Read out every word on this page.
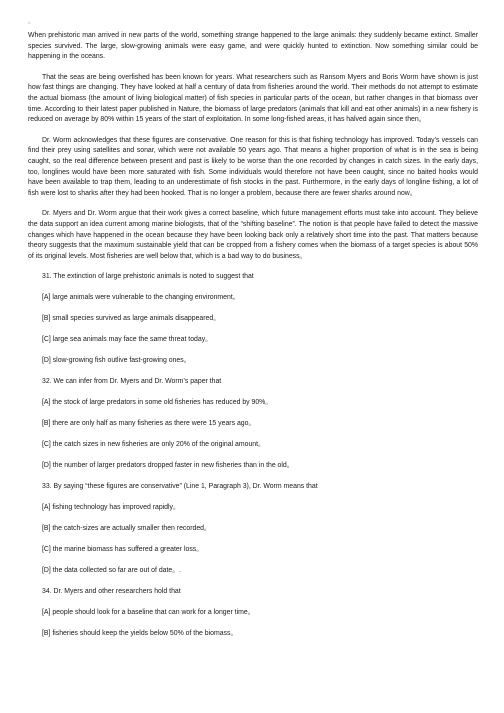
。

When prehistoric man arrived in new parts of the world, something strange happened to the large animals: they suddenly became extinct. Smaller species survived. The large, slow-growing animals were easy game, and were quickly hunted to extinction. Now something similar could be happening in the oceans.

That the seas are being overfished has been known for years. What researchers such as Ransom Myers and Boris Worm have shown is just how fast things are changing. They have looked at half a century of data from fisheries around the world. Their methods do not attempt to estimate the actual biomass (the amount of living biological matter) of fish species in particular parts of the ocean, but rather changes in that biomass over time. According to their latest paper published in Nature, the biomass of large predators (animals that kill and eat other animals) in a new fishery is reduced on average by 80% within 15 years of the start of exploitation. In some long-fished areas, it has halved again since then。

Dr. Worm acknowledges that these figures are conservative. One reason for this is that fishing technology has improved. Today’s vessels can find their prey using satellites and sonar, which were not available 50 years ago. That means a higher proportion of what is in the sea is being caught, so the real difference between present and past is likely to be worse than the one recorded by changes in catch sizes. In the early days, too, longlines would have been more saturated with fish. Some individuals would therefore not have been caught, since no baited hooks would have been available to trap them, leading to an underestimate of fish stocks in the past. Furthermore, in the early days of longline fishing, a lot of fish were lost to sharks after they had been hooked. That is no longer a problem, because there are fewer sharks around now。

Dr. Myers and Dr. Worm argue that their work gives a correct baseline, which future management efforts must take into account. They believe the data support an idea current among marine biologists, that of the “shifting baseline”. The notion is that people have failed to detect the massive changes which have happened in the ocean because they have been looking back only a relatively short time into the past. That matters because theory suggests that the maximum sustainable yield that can be cropped from a fishery comes when the biomass of a target species is about 50% of its original levels. Most fisheries are well below that, which is a bad way to do business。

31. The extinction of large prehistoric animals is noted to suggest that
[A] large animals were vulnerable to the changing environment。
[B] small species survived as large animals disappeared。
[C] large sea animals may face the same threat today。
[D] slow-growing fish outlive fast-growing ones。
32. We can infer from Dr. Myers and Dr. Worm’s paper that
[A] the stock of large predators in some old fisheries has reduced by 90%。
[B] there are only half as many fisheries as there were 15 years ago。
[C] the catch sizes in new fisheries are only 20% of the original amount。
[D] the number of larger predators dropped faster in new fisheries than in the old。
33. By saying “these figures are conservative” (Line 1, Paragraph 3), Dr. Worm means that
[A] fishing technology has improved rapidly。
[B] the catch-sizes are actually smaller then recorded。
[C] the marine biomass has suffered a greater loss。
[D] the data collected so far are out of date。.
34. Dr. Myers and other researchers hold that
[A] people should look for a baseline that can work for a longer time。
[B] fisheries should keep the yields below 50% of the biomass。
